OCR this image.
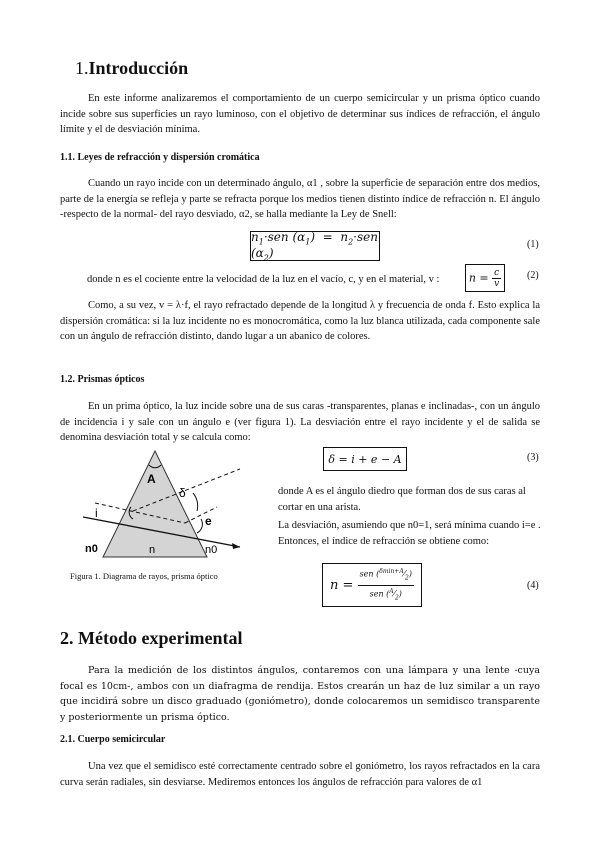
1.Introducción
En este informe analizaremos el comportamiento de un cuerpo semicircular y un prisma óptico cuando incide sobre sus superficies un rayo luminoso, con el objetivo de determinar sus índices de refracción, el ángulo límite y el de desviación mínima.
1.1. Leyes de refracción y dispersión cromática
Cuando un rayo incide con un determinado ángulo, α1 , sobre la superficie de separación entre dos medios, parte de la energía se refleja y parte se refracta porque los medios tienen distinto índice de refracción n. El ángulo -respecto de la normal- del rayo desviado, α2, se halla mediante la Ley de Snell:
$n_1\cdot sen$ $(\alpha_1) = n_2\cdot sen$ $(\alpha_2)$
(1)
donde n es el cociente entre la velocidad de la luz en el vacío, c, y en el material, v :	$n = \frac{c}{v}$	(2)
Como, a su vez, v = λ·f, el rayo refractado depende de la longitud λ y frecuencia de onda f. Esto explica la dispersión cromática: si la luz incidente no es monocromática, como la luz blanca utilizada, cada componente sale con un ángulo de refracción distinto, dando lugar a un abanico de colores.
1.2. Prismas ópticos
En un prima óptico, la luz incide sobre una de sus caras -transparentes, planas e inclinadas-, con un ángulo de incidencia i y sale con un ángulo e (ver figura 1). La desviación entre el rayo incidente y el de salida se denomina desviación total y se calcula como:
δ = i + e − A	(3)
A
δ
i
e
n0	n	n0
Figura 1. Diagrama de rayos, prisma óptico
donde A es el ángulo diedro que forman dos de sus caras al cortar en una arista.
La desviación, asumiendo que n0=1, será mínima cuando i=e . Entonces, el índice de refracción se obtiene como:
$n = \frac{sen (^{\delta min+A}⁄_2)}{sen (^A⁄_2)}$	(4)
2. Método experimental
Para la medición de los distintos ángulos, contaremos con una lámpara y una lente -cuya focal es 10cm-, ambos con un diafragma de rendija. Estos crearán un haz de luz similar a un rayo que incidirá sobre un disco graduado (goniómetro), donde colocaremos un semidisco transparente y posteriormente un prisma óptico.
2.1. Cuerpo semicircular
Una vez que el semidisco esté correctamente centrado sobre el goniómetro, los rayos refractados en la cara curva serán radiales, sin desviarse. Mediremos entonces los ángulos de refracción para valores de α1
